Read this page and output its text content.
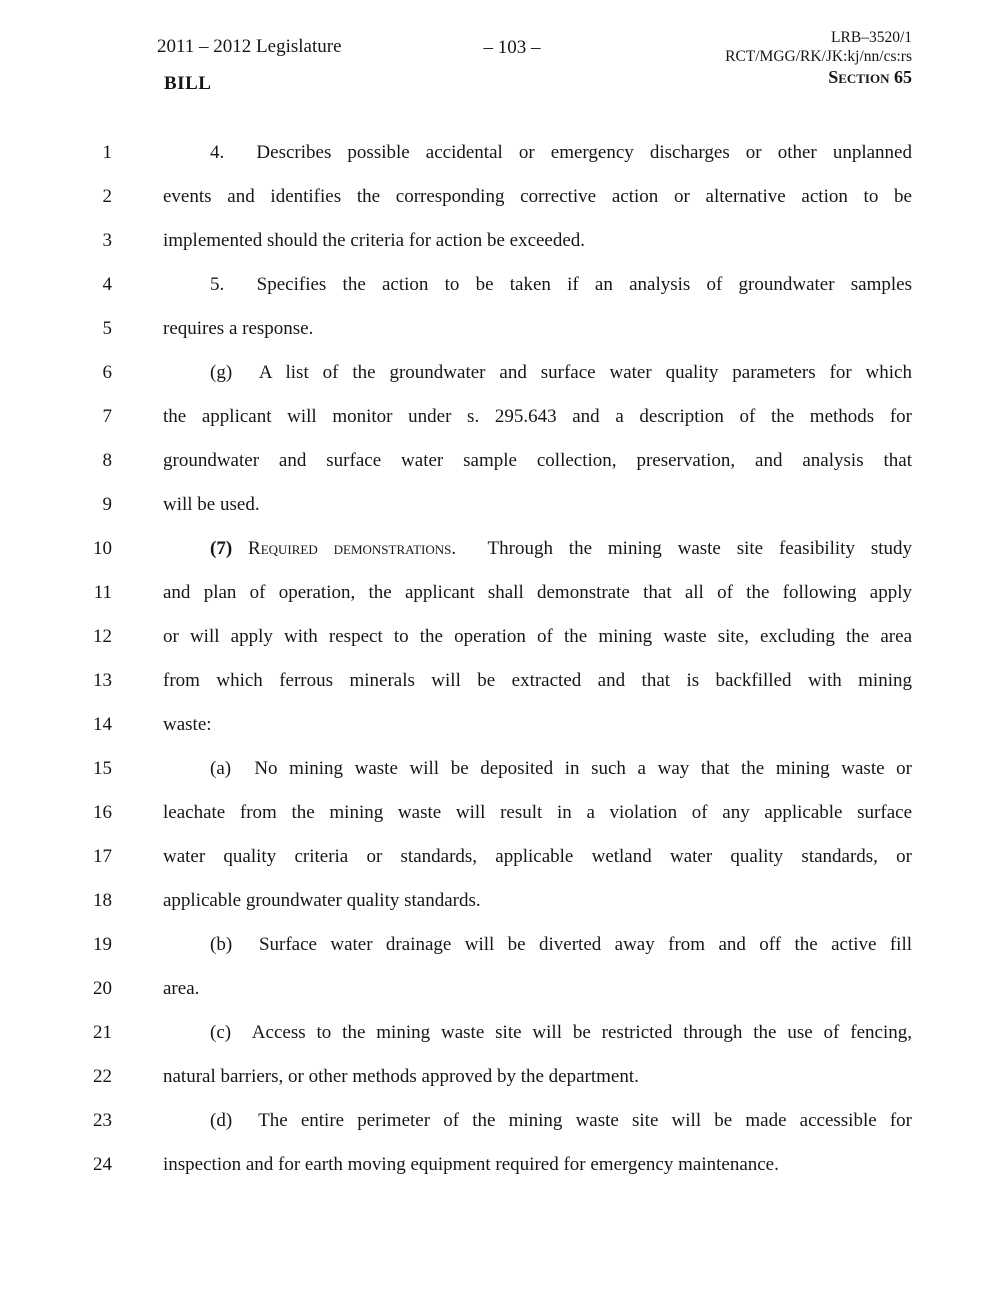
2011 – 2012 Legislature
BILL
– 103 –	LRB–3520/1
RCT/MGG/RK/JK:kj/nn/cs:rs
Section 65
1	4.  Describes possible accidental or emergency discharges or other unplanned
2	events and identifies the corresponding corrective action or alternative action to be
3	implemented should the criteria for action be exceeded.
4	5.  Specifies the action to be taken if an analysis of groundwater samples
5	requires a response.
6	(g)  A list of the groundwater and surface water quality parameters for which
7	the applicant will monitor under s. 295.643 and a description of the methods for
8	groundwater and surface water sample collection, preservation, and analysis that
9	will be used.
10	(7) Required demonstrations.  Through the mining waste site feasibility study
11	and plan of operation, the applicant shall demonstrate that all of the following apply
12	or will apply with respect to the operation of the mining waste site, excluding the area
13	from which ferrous minerals will be extracted and that is backfilled with mining
14	waste:
15	(a)  No mining waste will be deposited in such a way that the mining waste or
16	leachate from the mining waste will result in a violation of any applicable surface
17	water quality criteria or standards, applicable wetland water quality standards, or
18	applicable groundwater quality standards.
19	(b)  Surface water drainage will be diverted away from and off the active fill
20	area.
21	(c)  Access to the mining waste site will be restricted through the use of fencing,
22	natural barriers, or other methods approved by the department.
23	(d)  The entire perimeter of the mining waste site will be made accessible for
24	inspection and for earth moving equipment required for emergency maintenance.
